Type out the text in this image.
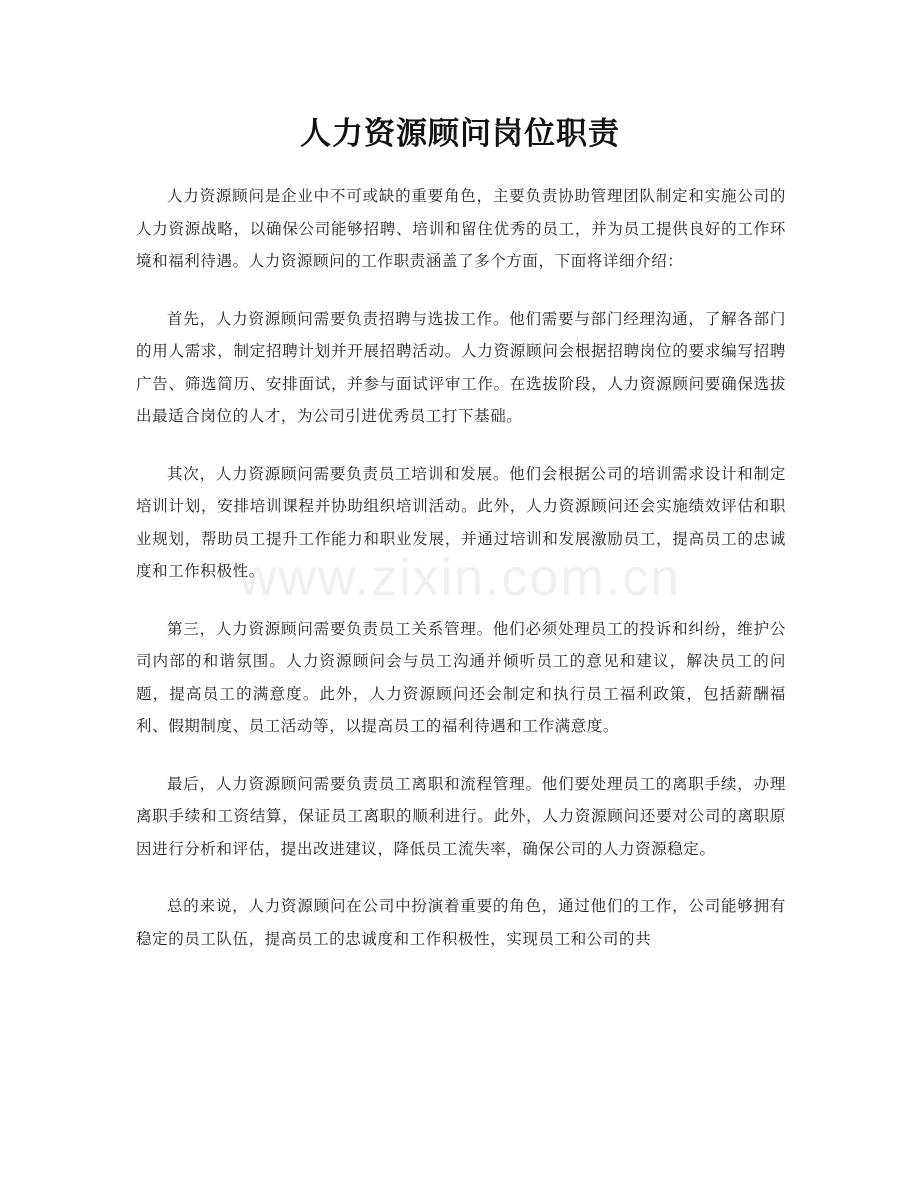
人力资源顾问岗位职责
www.zixin.com.cn

人力资源顾问是企业中不可或缺的重要角色，主要负责协助管理团队制定和实施公司的人力资源战略，以确保公司能够招聘、培训和留住优秀的员工，并为员工提供良好的工作环境和福利待遇。人力资源顾问的工作职责涵盖了多个方面，下面将详细介绍：

首先，人力资源顾问需要负责招聘与选拔工作。他们需要与部门经理沟通，了解各部门的用人需求，制定招聘计划并开展招聘活动。人力资源顾问会根据招聘岗位的要求编写招聘广告、筛选简历、安排面试，并参与面试评审工作。在选拔阶段，人力资源顾问要确保选拔出最适合岗位的人才，为公司引进优秀员工打下基础。

其次，人力资源顾问需要负责员工培训和发展。他们会根据公司的培训需求设计和制定培训计划，安排培训课程并协助组织培训活动。此外，人力资源顾问还会实施绩效评估和职业规划，帮助员工提升工作能力和职业发展，并通过培训和发展激励员工，提高员工的忠诚度和工作积极性。

第三，人力资源顾问需要负责员工关系管理。他们必须处理员工的投诉和纠纷，维护公司内部的和谐氛围。人力资源顾问会与员工沟通并倾听员工的意见和建议，解决员工的问题，提高员工的满意度。此外，人力资源顾问还会制定和执行员工福利政策，包括薪酬福利、假期制度、员工活动等，以提高员工的福利待遇和工作满意度。

最后，人力资源顾问需要负责员工离职和流程管理。他们要处理员工的离职手续，办理离职手续和工资结算，保证员工离职的顺利进行。此外，人力资源顾问还要对公司的离职原因进行分析和评估，提出改进建议，降低员工流失率，确保公司的人力资源稳定。

总的来说，人力资源顾问在公司中扮演着重要的角色，通过他们的工作，公司能够拥有稳定的员工队伍，提高员工的忠诚度和工作积极性，实现员工和公司的共
